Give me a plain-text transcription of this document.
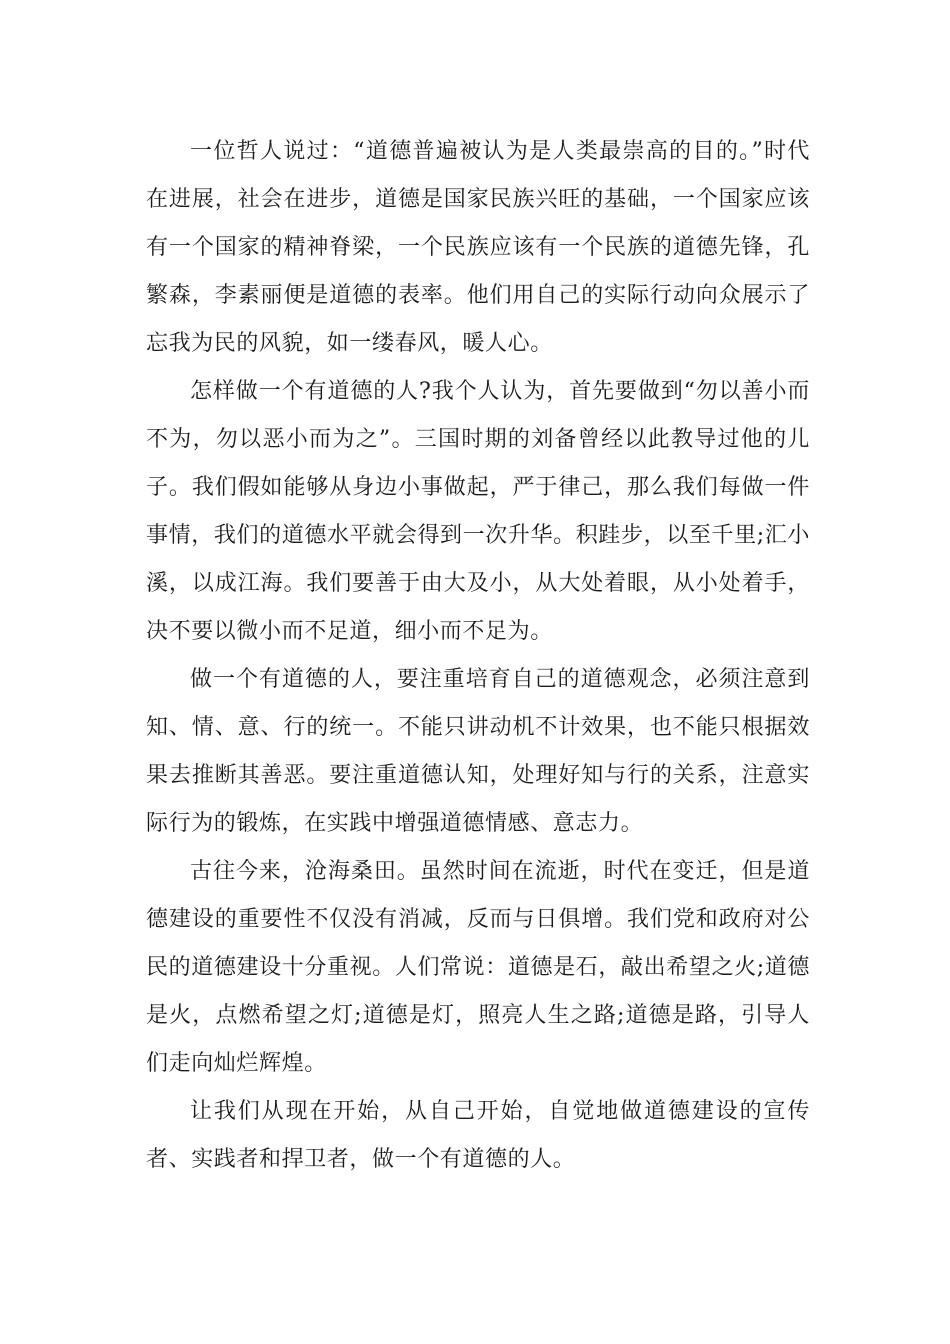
一位哲人说过：“道德普遍被认为是人类最崇高的目的。”时代在进展，社会在进步，道德是国家民族兴旺的基础，一个国家应该有一个国家的精神脊梁，一个民族应该有一个民族的道德先锋，孔繁森，李素丽便是道德的表率。他们用自己的实际行动向众展示了忘我为民的风貌，如一缕春风，暖人心。

怎样做一个有道德的人?我个人认为，首先要做到“勿以善小而不为，勿以恶小而为之”。三国时期的刘备曾经以此教导过他的儿子。我们假如能够从身边小事做起，严于律己，那么我们每做一件事情，我们的道德水平就会得到一次升华。积跬步，以至千里;汇小溪，以成江海。我们要善于由大及小，从大处着眼，从小处着手，决不要以微小而不足道，细小而不足为。

做一个有道德的人，要注重培育自己的道德观念，必须注意到知、情、意、行的统一。不能只讲动机不计效果，也不能只根据效果去推断其善恶。要注重道德认知，处理好知与行的关系，注意实际行为的锻炼，在实践中增强道德情感、意志力。

古往今来，沧海桑田。虽然时间在流逝，时代在变迁，但是道德建设的重要性不仅没有消减，反而与日俱增。我们党和政府对公民的道德建设十分重视。人们常说：道德是石，敲出希望之火;道德是火，点燃希望之灯;道德是灯，照亮人生之路;道德是路，引导人们走向灿烂辉煌。

让我们从现在开始，从自己开始，自觉地做道德建设的宣传者、实践者和捍卫者，做一个有道德的人。
